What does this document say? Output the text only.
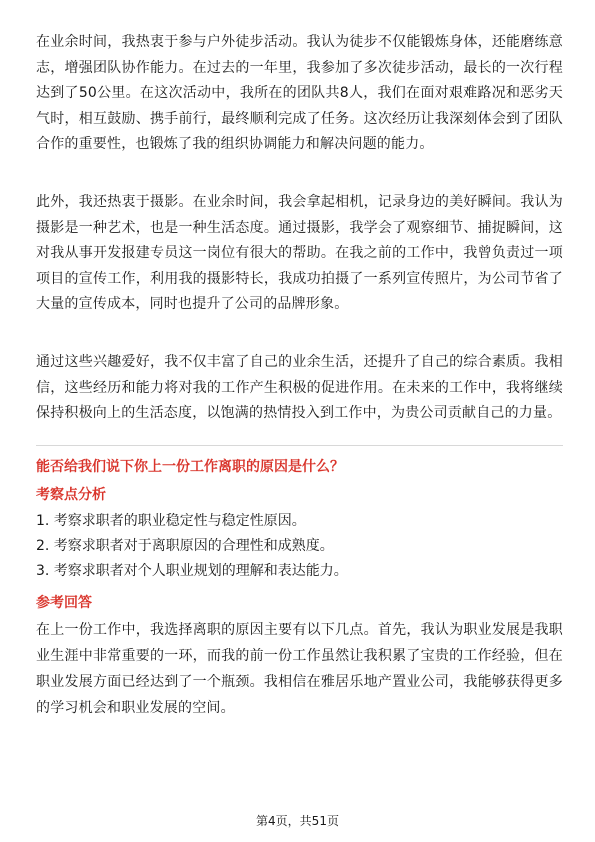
在业余时间，我热衷于参与户外徒步活动。我认为徒步不仅能锻炼身体，还能磨练意志，增强团队协作能力。在过去的一年里，我参加了多次徒步活动，最长的一次行程达到了50公里。在这次活动中，我所在的团队共8人，我们在面对艰难路况和恶劣天气时，相互鼓励、携手前行，最终顺利完成了任务。这次经历让我深刻体会到了团队合作的重要性，也锻炼了我的组织协调能力和解决问题的能力。

此外，我还热衷于摄影。在业余时间，我会拿起相机，记录身边的美好瞬间。我认为摄影是一种艺术，也是一种生活态度。通过摄影，我学会了观察细节、捕捉瞬间，这对我从事开发报建专员这一岗位有很大的帮助。在我之前的工作中，我曾负责过一项项目的宣传工作，利用我的摄影特长，我成功拍摄了一系列宣传照片，为公司节省了大量的宣传成本，同时也提升了公司的品牌形象。

通过这些兴趣爱好，我不仅丰富了自己的业余生活，还提升了自己的综合素质。我相信，这些经历和能力将对我的工作产生积极的促进作用。在未来的工作中，我将继续保持积极向上的生活态度，以饱满的热情投入到工作中，为贵公司贡献自己的力量。

能否给我们说下你上一份工作离职的原因是什么？
考察点分析
1. 考察求职者的职业稳定性与稳定性原因。
2. 考察求职者对于离职原因的合理性和成熟度。
3. 考察求职者对个人职业规划的理解和表达能力。
参考回答

在上一份工作中，我选择离职的原因主要有以下几点。首先，我认为职业发展是我职业生涯中非常重要的一环，而我的前一份工作虽然让我积累了宝贵的工作经验，但在职业发展方面已经达到了一个瓶颈。我相信在雅居乐地产置业公司，我能够获得更多的学习机会和职业发展的空间。

第4页，共51页
